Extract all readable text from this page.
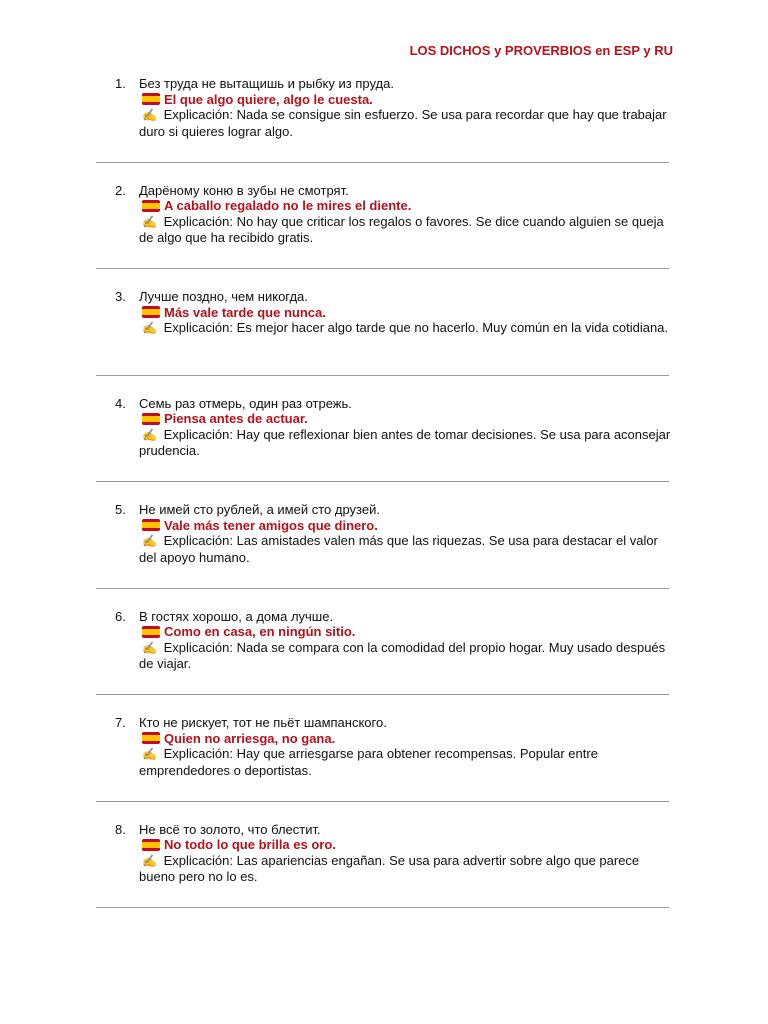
LOS DICHOS y PROVERBIOS en ESP y RU
1. Без труда не вытащишь и рыбку из пруда.
El que algo quiere, algo le cuesta.
✍ Explicación: Nada se consigue sin esfuerzo. Se usa para recordar que hay que trabajar duro si quieres lograr algo.
2. Дарёному коню в зубы не смотрят.
A caballo regalado no le mires el diente.
✍ Explicación: No hay que criticar los regalos o favores. Se dice cuando alguien se queja de algo que ha recibido gratis.
3. Лучше поздно, чем никогда.
Más vale tarde que nunca.
✍ Explicación: Es mejor hacer algo tarde que no hacerlo. Muy común en la vida cotidiana.
4. Семь раз отмерь, один раз отрежь.
Piensa antes de actuar.
✍ Explicación: Hay que reflexionar bien antes de tomar decisiones. Se usa para aconsejar prudencia.
5. Не имей сто рублей, а имей сто друзей.
Vale más tener amigos que dinero.
✍ Explicación: Las amistades valen más que las riquezas. Se usa para destacar el valor del apoyo humano.
6. В гостях хорошо, а дома лучше.
Como en casa, en ningún sitio.
✍ Explicación: Nada se compara con la comodidad del propio hogar. Muy usado después de viajar.
7. Кто не рискует, тот не пьёт шампанского.
Quien no arriesga, no gana.
✍ Explicación: Hay que arriesgarse para obtener recompensas. Popular entre emprendedores o deportistas.
8. Не всё то золото, что блестит.
No todo lo que brilla es oro.
✍ Explicación: Las apariencias engañan. Se usa para advertir sobre algo que parece bueno pero no lo es.
